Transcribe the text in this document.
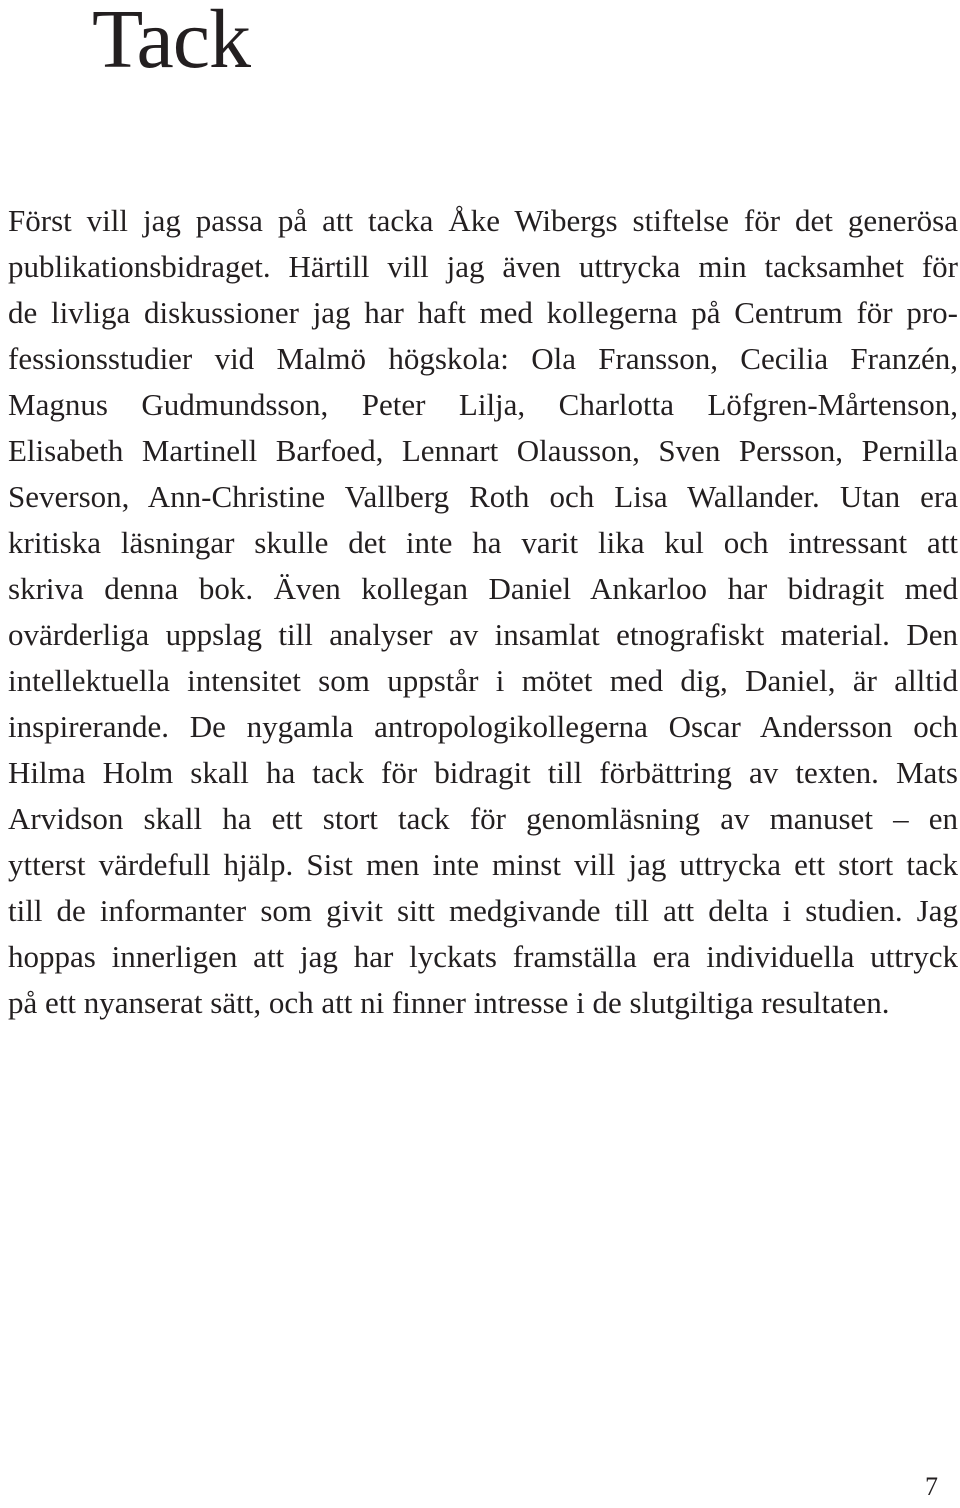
Tack
Först vill jag passa på att tacka Åke Wibergs stiftelse för det generösa
publikationsbidraget. Härtill vill jag även uttrycka min tacksamhet för
de livliga diskussioner jag har haft med kollegerna på Centrum för pro-
fessionsstudier vid Malmö högskola: Ola Fransson, Cecilia Franzén,
Magnus Gudmundsson, Peter Lilja, Charlotta Löfgren-Mårtenson,
Elisabeth Martinell Barfoed, Lennart Olausson, Sven Persson, Pernilla
Severson, Ann-Christine Vallberg Roth och Lisa Wallander. Utan era
kritiska läsningar skulle det inte ha varit lika kul och intressant att
skriva denna bok. Även kollegan Daniel Ankarloo har bidragit med
ovärderliga uppslag till analyser av insamlat etnografiskt material. Den
intellektuella intensitet som uppstår i mötet med dig, Daniel, är alltid
inspirerande. De nygamla antropologikollegerna Oscar Andersson och
Hilma Holm skall ha tack för bidragit till förbättring av texten. Mats
Arvidson skall ha ett stort tack för genomläsning av manuset – en
ytterst värdefull hjälp. Sist men inte minst vill jag uttrycka ett stort tack
till de informanter som givit sitt medgivande till att delta i studien. Jag
hoppas innerligen att jag har lyckats framställa era individuella uttryck
på ett nyanserat sätt, och att ni finner intresse i de slutgiltiga resultaten.
7
